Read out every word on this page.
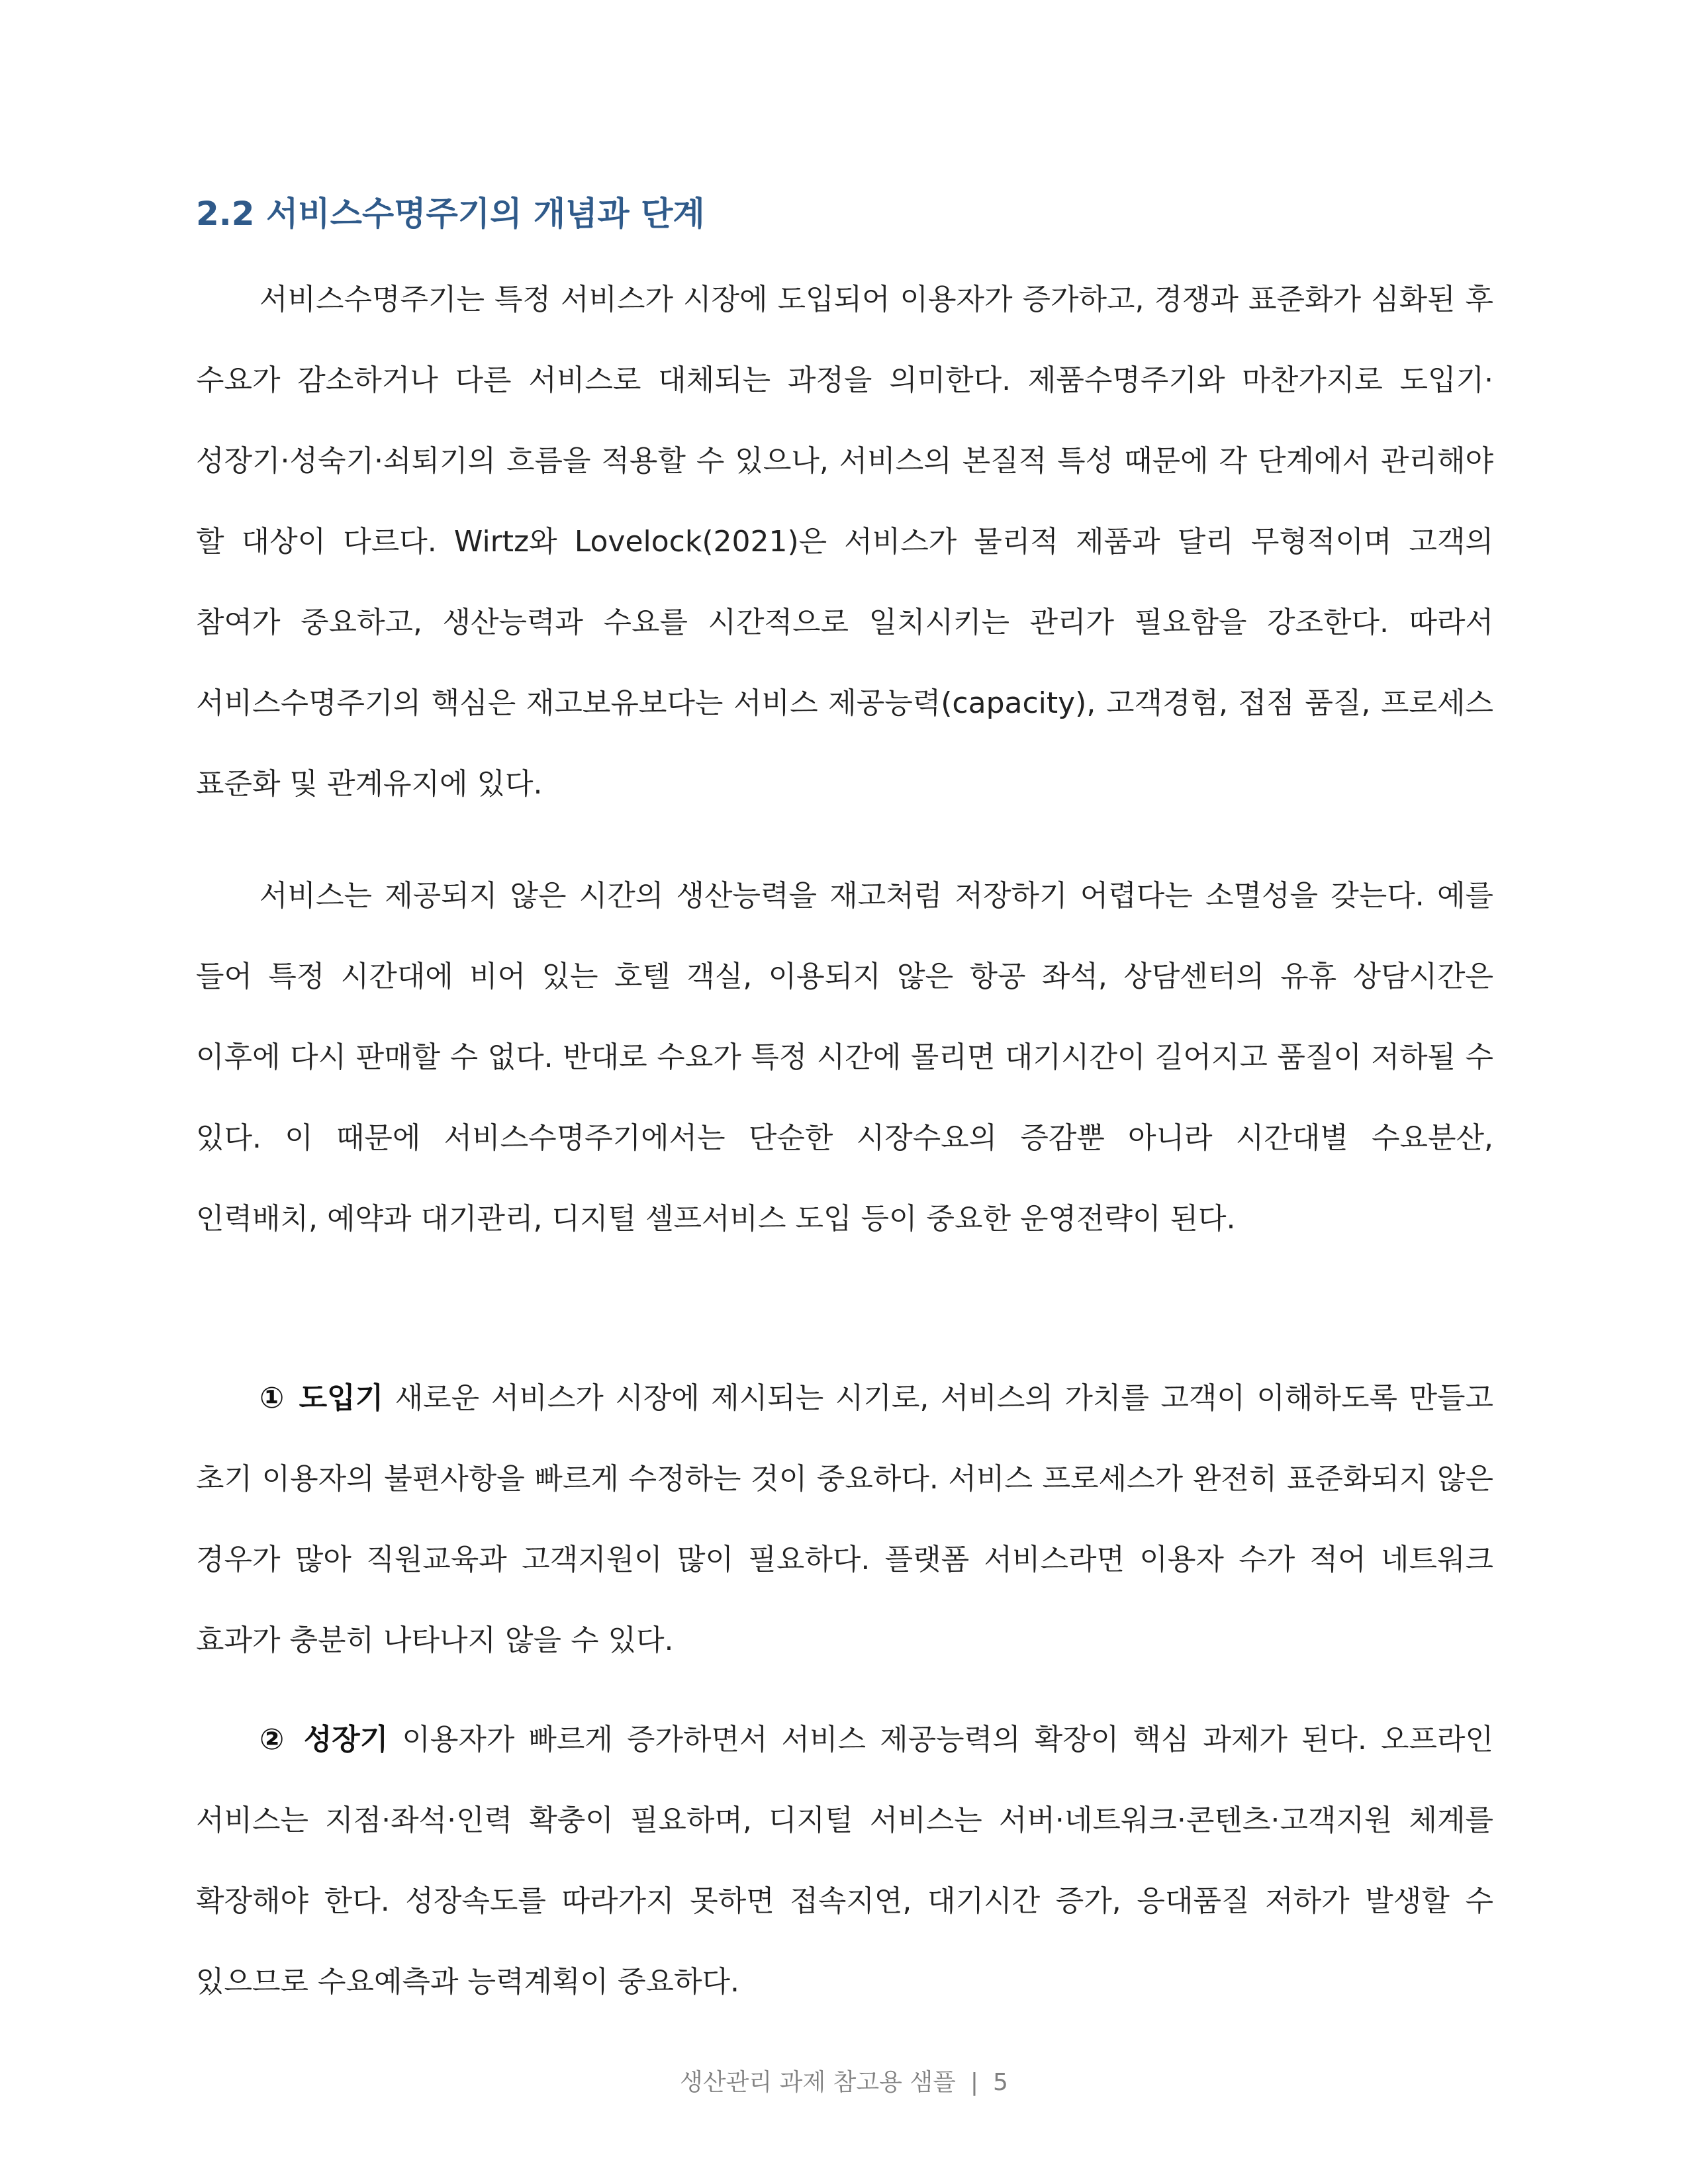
2.2 서비스수명주기의 개념과 단계

서비스수명주기는 특정 서비스가 시장에 도입되어 이용자가 증가하고, 경쟁과 표준화가 심화된 후 수요가 감소하거나 다른 서비스로 대체되는 과정을 의미한다. 제품수명주기와 마찬가지로 도입기·성장기·성숙기·쇠퇴기의 흐름을 적용할 수 있으나, 서비스의 본질적 특성 때문에 각 단계에서 관리해야 할 대상이 다르다. Wirtz와 Lovelock(2021)은 서비스가 물리적 제품과 달리 무형적이며 고객의 참여가 중요하고, 생산능력과 수요를 시간적으로 일치시키는 관리가 필요함을 강조한다. 따라서 서비스수명주기의 핵심은 재고보유보다는 서비스 제공능력(capacity), 고객경험, 접점 품질, 프로세스 표준화 및 관계유지에 있다.

서비스는 제공되지 않은 시간의 생산능력을 재고처럼 저장하기 어렵다는 소멸성을 갖는다. 예를 들어 특정 시간대에 비어 있는 호텔 객실, 이용되지 않은 항공 좌석, 상담센터의 유휴 상담시간은 이후에 다시 판매할 수 없다. 반대로 수요가 특정 시간에 몰리면 대기시간이 길어지고 품질이 저하될 수 있다. 이 때문에 서비스수명주기에서는 단순한 시장수요의 증감뿐 아니라 시간대별 수요분산, 인력배치, 예약과 대기관리, 디지털 셀프서비스 도입 등이 중요한 운영전략이 된다.

① 도입기 새로운 서비스가 시장에 제시되는 시기로, 서비스의 가치를 고객이 이해하도록 만들고 초기 이용자의 불편사항을 빠르게 수정하는 것이 중요하다. 서비스 프로세스가 완전히 표준화되지 않은 경우가 많아 직원교육과 고객지원이 많이 필요하다. 플랫폼 서비스라면 이용자 수가 적어 네트워크 효과가 충분히 나타나지 않을 수 있다.

② 성장기 이용자가 빠르게 증가하면서 서비스 제공능력의 확장이 핵심 과제가 된다. 오프라인 서비스는 지점·좌석·인력 확충이 필요하며, 디지털 서비스는 서버·네트워크·콘텐츠·고객지원 체계를 확장해야 한다. 성장속도를 따라가지 못하면 접속지연, 대기시간 증가, 응대품질 저하가 발생할 수 있으므로 수요예측과 능력계획이 중요하다.

생산관리 과제 참고용 샘플 | 5
